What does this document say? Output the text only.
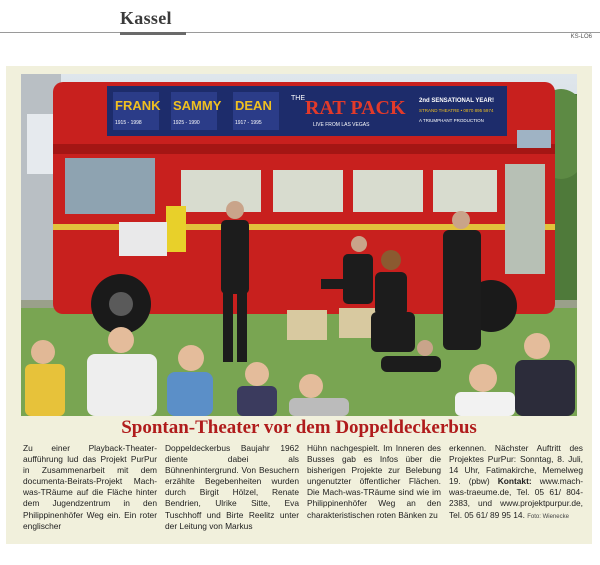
Kassel
KS-LO6
FRANK SAMMY DEAN
1915 - 1998	1925 - 1990	1917 - 1995
THE RAT PACK
LIVE FROM LAS VEGAS
2nd SENSATIONAL YEAR!
STRAND THEATRE • 0870 895 5974
A TRIUMPHANT PRODUCTION
Spontan-Theater vor dem Doppeldeckerbus
Zu einer Playback-Theater-aufführung lud das Projekt PurPur in Zusammenarbeit mit dem documenta-Beirats-Projekt Mach-was-TRäume auf die Fläche hinter dem Jugendzentrum in den Philippinenhöfer Weg ein. Ein roter englischer
Doppeldeckerbus Baujahr 1962 diente dabei als Bühnenhintergrund. Von Besuchern erzählte Begebenheiten wurden durch Birgit Hölzel, Renate Bendrien, Ulrike Sitte, Eva Tuschhoff und Birte Reelitz unter der Leitung von Markus
Hühn nachgespielt. Im Inneren des Busses gab es Infos über die bisherigen Projekte zur Belebung ungenutzter öffentlicher Flächen. Die Mach-was-TRäume sind wie im Philippinenhöfer Weg an den charakteristischen roten Bänken zu
erkennen. Nächster Auftritt des Projektes PurPur: Sonntag, 8. Juli, 14 Uhr, Fatimakirche, Memelweg 19. (pbw) Kontakt: www.mach-was-traeume.de, Tel. 05 61/ 804-2383, und www.projektpurpur.de, Tel. 05 61/ 89 95 14. Foto: Wienecke
